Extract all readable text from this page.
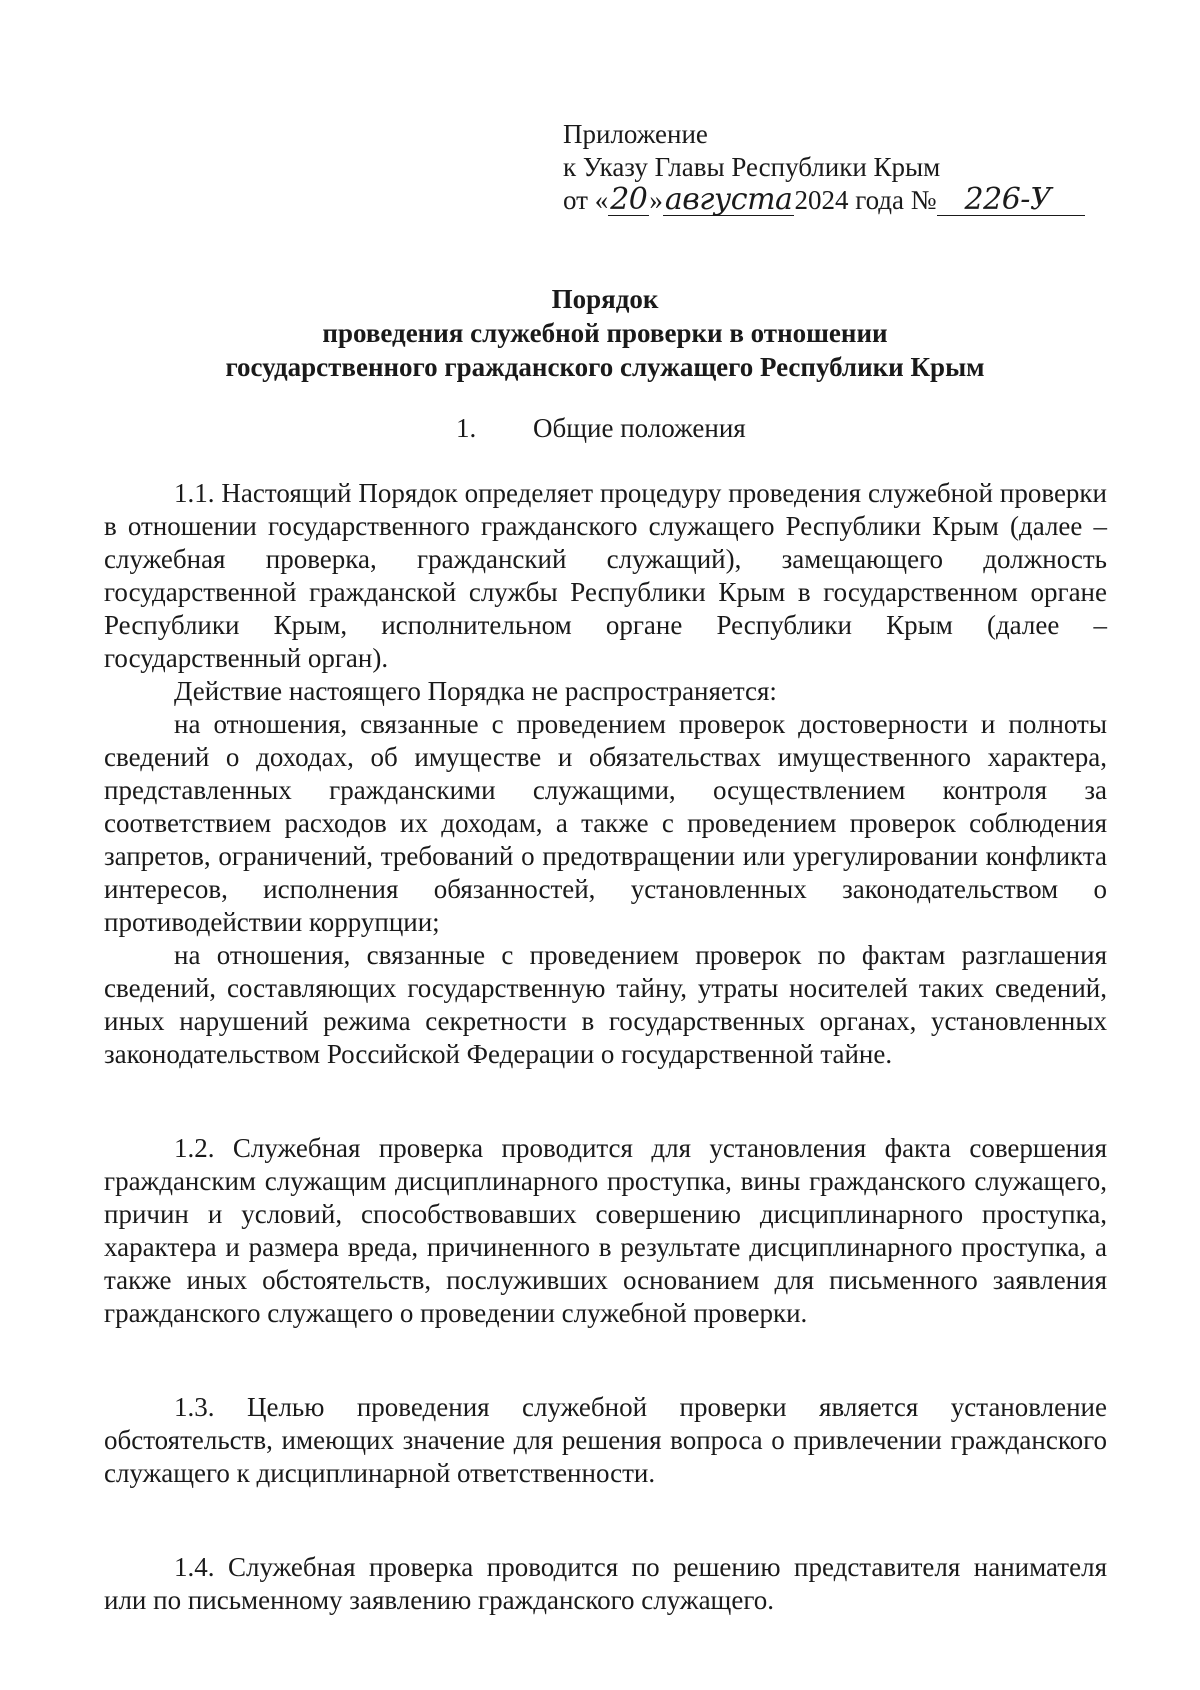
Приложение
к Указу Главы Республики Крым
от «20»августа2024 года № 226-У
Порядок
проведения служебной проверки в отношении
государственного гражданского служащего Республики Крым
1. Общие положения

1.1. Настоящий Порядок определяет процедуру проведения служебной проверки в отношении государственного гражданского служащего Республики Крым (далее – служебная проверка, гражданский служащий), замещающего должность государственной гражданской службы Республики Крым в государственном органе Республики Крым, исполнительном органе Республики Крым (далее – государственный орган).

Действие настоящего Порядка не распространяется:

на отношения, связанные с проведением проверок достоверности и полноты сведений о доходах, об имуществе и обязательствах имущественного характера, представленных гражданскими служащими, осуществлением контроля за соответствием расходов их доходам, а также с проведением проверок соблюдения запретов, ограничений, требований о предотвращении или урегулировании конфликта интересов, исполнения обязанностей, установленных законодательством о противодействии коррупции;

на отношения, связанные с проведением проверок по фактам разглашения сведений, составляющих государственную тайну, утраты носителей таких сведений, иных нарушений режима секретности в государственных органах, установленных законодательством Российской Федерации о государственной тайне.

1.2. Служебная проверка проводится для установления факта совершения гражданским служащим дисциплинарного проступка, вины гражданского служащего, причин и условий, способствовавших совершению дисциплинарного проступка, характера и размера вреда, причиненного в результате дисциплинарного проступка, а также иных обстоятельств, послуживших основанием для письменного заявления гражданского служащего о проведении служебной проверки.

1.3. Целью проведения служебной проверки является установление обстоятельств, имеющих значение для решения вопроса о привлечении гражданского служащего к дисциплинарной ответственности.

1.4. Служебная проверка проводится по решению представителя нанимателя или по письменному заявлению гражданского служащего.
